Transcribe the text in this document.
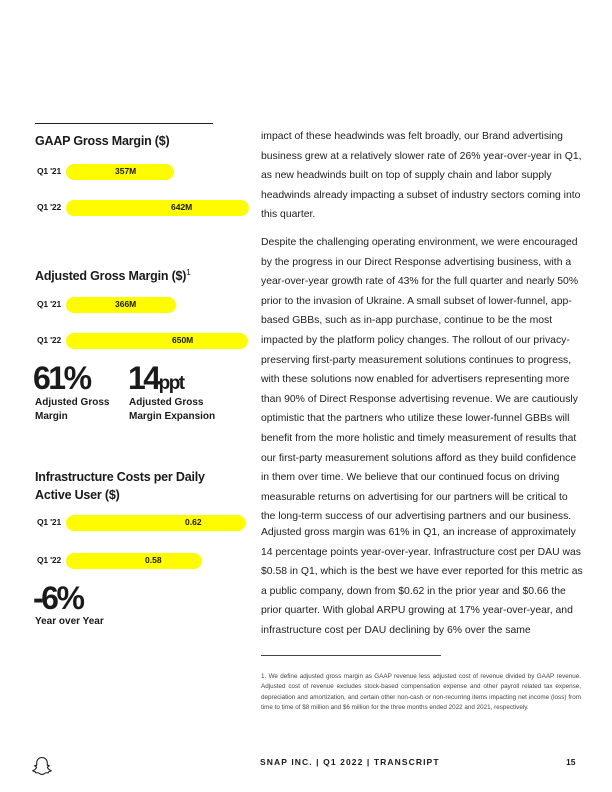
GAAP Gross Margin ($)
Q1 '21	357M
Q1 '22	642M
Adjusted Gross Margin ($)$^1$
Q1 '21	366M
Q1 '22	650M
61%
Adjusted Gross
Margin
14ppt
Adjusted Gross
Margin Expansion
Infrastructure Costs per Daily
Active User ($)
Q1 '21	0.62
Q1 '22	0.58
-6%
Year over Year

impact of these headwinds was felt broadly, our Brand advertising business grew at a relatively slower rate of 26% year-over-year in Q1, as new headwinds built on top of supply chain and labor supply headwinds already impacting a subset of industry sectors coming into this quarter.

Despite the challenging operating environment, we were encouraged by the progress in our Direct Response advertising business, with a year-over-year growth rate of 43% for the full quarter and nearly 50% prior to the invasion of Ukraine. A small subset of lower-funnel, app-based GBBs, such as in-app purchase, continue to be the most impacted by the platform policy changes. The rollout of our privacy-preserving first-party measurement solutions continues to progress, with these solutions now enabled for advertisers representing more than 90% of Direct Response advertising revenue. We are cautiously optimistic that the partners who utilize these lower-funnel GBBs will benefit from the more holistic and timely measurement of results that our first-party measurement solutions afford as they build confidence in them over time. We believe that our continued focus on driving measurable returns on advertising for our partners will be critical to the long-term success of our advertising partners and our business.

Adjusted gross margin was 61% in Q1, an increase of approximately 14 percentage points year-over-year. Infrastructure cost per DAU was $0.58 in Q1, which is the best we have ever reported for this metric as a public company, down from $0.62 in the prior year and $0.66 the prior quarter. With global ARPU growing at 17% year-over-year, and infrastructure cost per DAU declining by 6% over the same

1. We define adjusted gross margin as GAAP revenue less adjusted cost of revenue divided by GAAP revenue. Adjusted cost of revenue excludes stock-based compensation expense and other payroll related tax expense, depreciation and amortization, and certain other non-cash or non-recurring items impacting net income (loss) from time to time of $8 million and $6 million for the three months ended 2022 and 2021, respectively.
SNAP INC. | Q1 2022 | TRANSCRIPT	15
